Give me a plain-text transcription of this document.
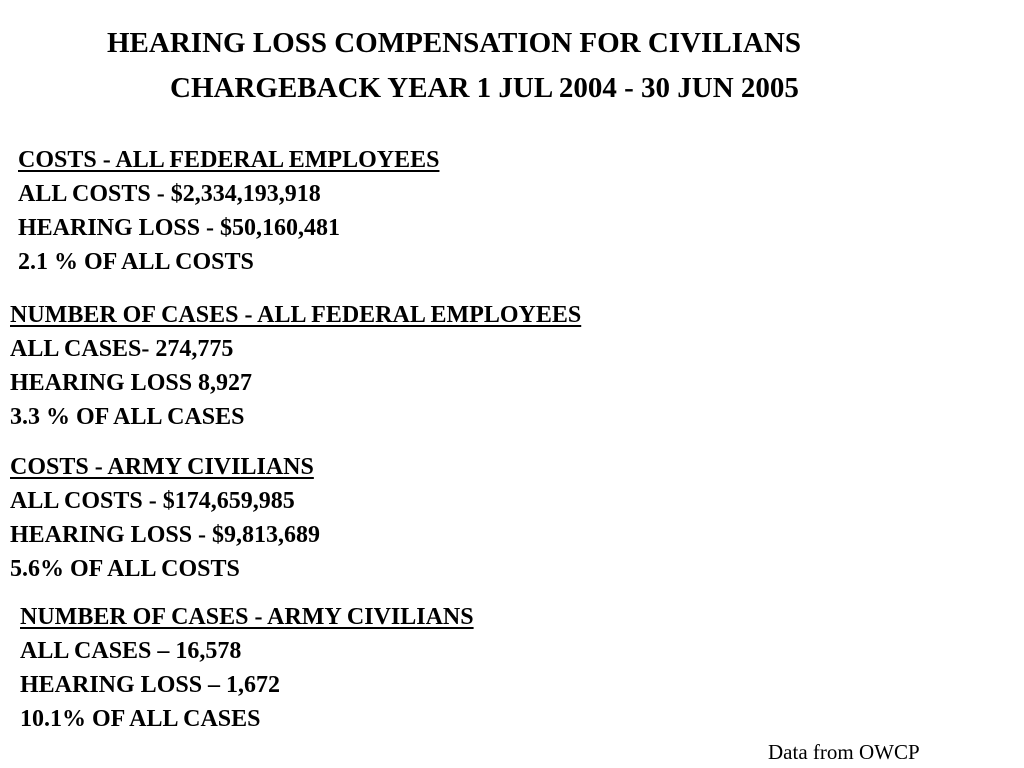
HEARING LOSS COMPENSATION FOR CIVILIANS
CHARGEBACK YEAR 1 JUL 2004 - 30 JUN 2005
COSTS - ALL FEDERAL EMPLOYEES
ALL COSTS - $2,334,193,918
HEARING LOSS - $50,160,481
2.1 % OF ALL COSTS
NUMBER OF CASES - ALL FEDERAL EMPLOYEES
ALL CASES- 274,775
HEARING LOSS 8,927
3.3 % OF ALL CASES
COSTS - ARMY CIVILIANS
ALL COSTS - $174,659,985
HEARING LOSS - $9,813,689
5.6% OF ALL COSTS
NUMBER OF CASES - ARMY CIVILIANS
ALL CASES – 16,578
HEARING LOSS – 1,672
10.1% OF ALL CASES
Data from OWCP
